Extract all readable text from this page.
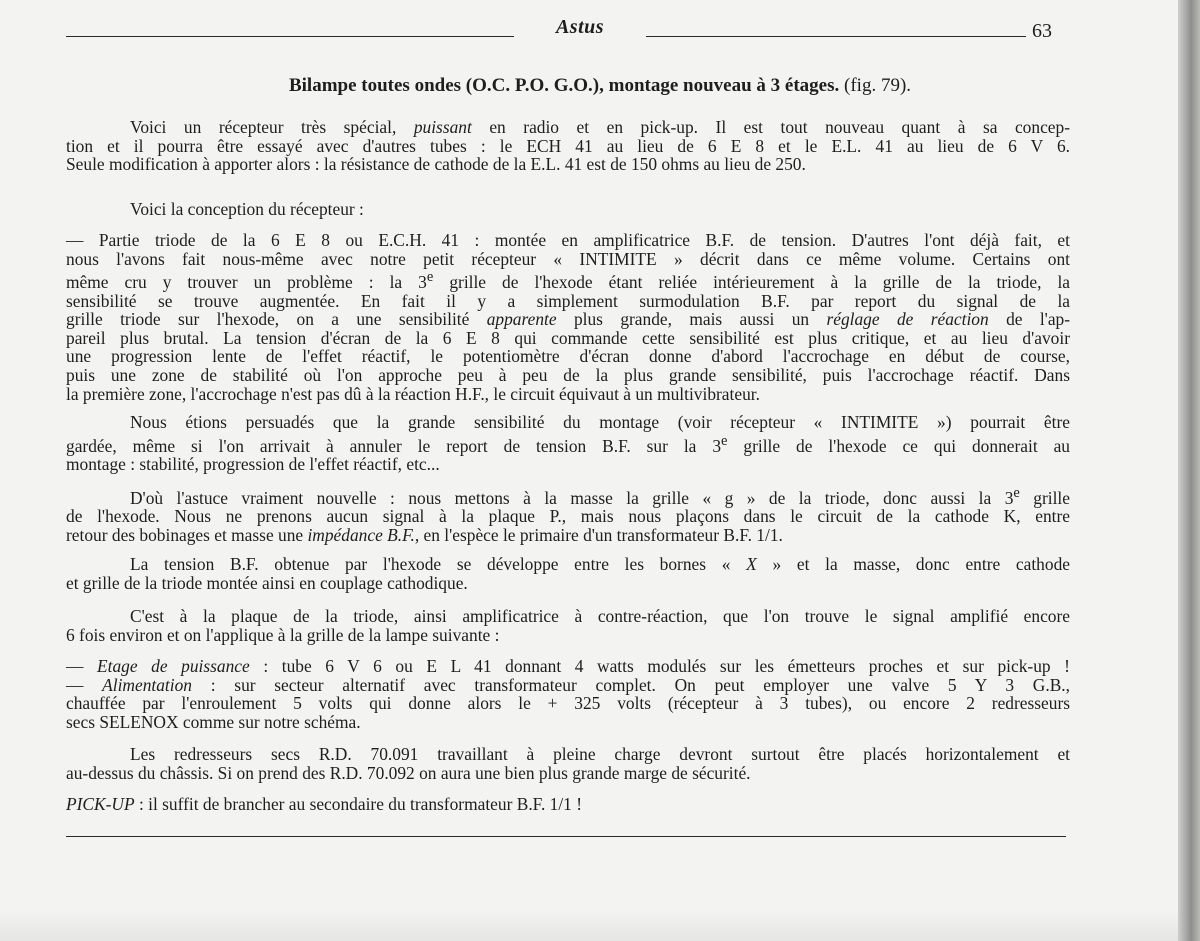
Astus	63
Bilampe toutes ondes (O.C. P.O. G.O.), montage nouveau à 3 étages. (fig. 79).
Voici un récepteur très spécial, puissant en radio et en pick-up. Il est tout nouveau quant à sa concep-
tion et il pourra être essayé avec d'autres tubes : le ECH 41 au lieu de 6 E 8 et le E.L. 41 au lieu de 6 V 6.
Seule modification à apporter alors : la résistance de cathode de la E.L. 41 est de 150 ohms au lieu de 250.
Voici la conception du récepteur :
— Partie triode de la 6 E 8 ou E.C.H. 41 : montée en amplificatrice B.F. de tension. D'autres l'ont déjà fait, et
nous l'avons fait nous-même avec notre petit récepteur « INTIMITE » décrit dans ce même volume. Certains ont
même cru y trouver un problème : la 3e grille de l'hexode étant reliée intérieurement à la grille de la triode, la
sensibilité se trouve augmentée. En fait il y a simplement surmodulation B.F. par report du signal de la
grille triode sur l'hexode, on a une sensibilité apparente plus grande, mais aussi un réglage de réaction de l'ap-
pareil plus brutal. La tension d'écran de la 6 E 8 qui commande cette sensibilité est plus critique, et au lieu d'avoir
une progression lente de l'effet réactif, le potentiomètre d'écran donne d'abord l'accrochage en début de course,
puis une zone de stabilité où l'on approche peu à peu de la plus grande sensibilité, puis l'accrochage réactif. Dans
la première zone, l'accrochage n'est pas dû à la réaction H.F., le circuit équivaut à un multivibrateur.
Nous étions persuadés que la grande sensibilité du montage (voir récepteur « INTIMITE ») pourrait être
gardée, même si l'on arrivait à annuler le report de tension B.F. sur la 3e grille de l'hexode ce qui donnerait au
montage : stabilité, progression de l'effet réactif, etc...
D'où l'astuce vraiment nouvelle : nous mettons à la masse la grille « g » de la triode, donc aussi la 3e grille
de l'hexode. Nous ne prenons aucun signal à la plaque P., mais nous plaçons dans le circuit de la cathode K, entre
retour des bobinages et masse une impédance B.F., en l'espèce le primaire d'un transformateur B.F. 1/1.
La tension B.F. obtenue par l'hexode se développe entre les bornes « X » et la masse, donc entre cathode
et grille de la triode montée ainsi en couplage cathodique.
C'est à la plaque de la triode, ainsi amplificatrice à contre-réaction, que l'on trouve le signal amplifié encore
6 fois environ et on l'applique à la grille de la lampe suivante :
— Etage de puissance : tube 6 V 6 ou E L 41 donnant 4 watts modulés sur les émetteurs proches et sur pick-up !
— Alimentation : sur secteur alternatif avec transformateur complet. On peut employer une valve 5 Y 3 G.B.,
chauffée par l'enroulement 5 volts qui donne alors le + 325 volts (récepteur à 3 tubes), ou encore 2 redresseurs
secs SELENOX comme sur notre schéma.
Les redresseurs secs R.D. 70.091 travaillant à pleine charge devront surtout être placés horizontalement et
au-dessus du châssis. Si on prend des R.D. 70.092 on aura une bien plus grande marge de sécurité.
PICK-UP : il suffit de brancher au secondaire du transformateur B.F. 1/1 !
